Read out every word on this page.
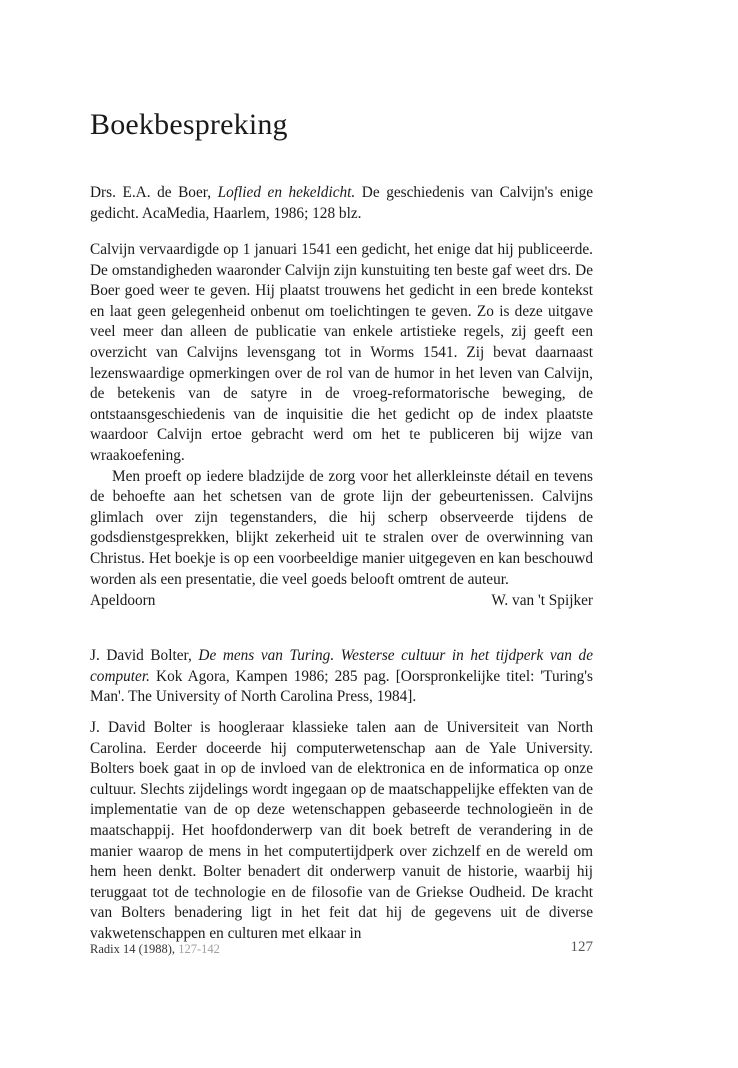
Boekbespreking

Drs. E.A. de Boer, Loflied en hekeldicht. De geschiedenis van Calvijn's enige gedicht. AcaMedia, Haarlem, 1986; 128 blz.

Calvijn vervaardigde op 1 januari 1541 een gedicht, het enige dat hij publiceerde. De omstandigheden waaronder Calvijn zijn kunstuiting ten beste gaf weet drs. De Boer goed weer te geven. Hij plaatst trouwens het gedicht in een brede kontekst en laat geen gelegenheid onbenut om toelichtingen te geven. Zo is deze uitgave veel meer dan alleen de publicatie van enkele artistieke regels, zij geeft een overzicht van Calvijns levensgang tot in Worms 1541. Zij bevat daarnaast lezenswaardige opmerkingen over de rol van de humor in het leven van Calvijn, de betekenis van de satyre in de vroeg-reformatorische beweging, de ontstaansgeschiedenis van de inquisitie die het gedicht op de index plaatste waardoor Calvijn ertoe gebracht werd om het te publiceren bij wijze van wraakoefening.

Men proeft op iedere bladzijde de zorg voor het allerkleinste détail en tevens de behoefte aan het schetsen van de grote lijn der gebeurtenissen. Calvijns glimlach over zijn tegenstanders, die hij scherp observeerde tijdens de godsdienstgesprekken, blijkt zekerheid uit te stralen over de overwinning van Christus. Het boekje is op een voorbeeldige manier uitgegeven en kan beschouwd worden als een presentatie, die veel goeds belooft omtrent de auteur.

Apeldoorn	W. van 't Spijker

J. David Bolter, De mens van Turing. Westerse cultuur in het tijdperk van de computer. Kok Agora, Kampen 1986; 285 pag. [Oorspronkelijke titel: 'Turing's Man'. The University of North Carolina Press, 1984].

J. David Bolter is hoogleraar klassieke talen aan de Universiteit van North Carolina. Eerder doceerde hij computerwetenschap aan de Yale University. Bolters boek gaat in op de invloed van de elektronica en de informatica op onze cultuur. Slechts zijdelings wordt ingegaan op de maatschappelijke effekten van de implementatie van de op deze wetenschappen gebaseerde technologieën in de maatschappij. Het hoofdonderwerp van dit boek betreft de verandering in de manier waarop de mens in het computertijdperk over zichzelf en de wereld om hem heen denkt. Bolter benadert dit onderwerp vanuit de historie, waarbij hij teruggaat tot de technologie en de filosofie van de Griekse Oudheid. De kracht van Bolters benadering ligt in het feit dat hij de gegevens uit de diverse vakwetenschappen en culturen met elkaar in

Radix 14 (1988), 127-142	127
